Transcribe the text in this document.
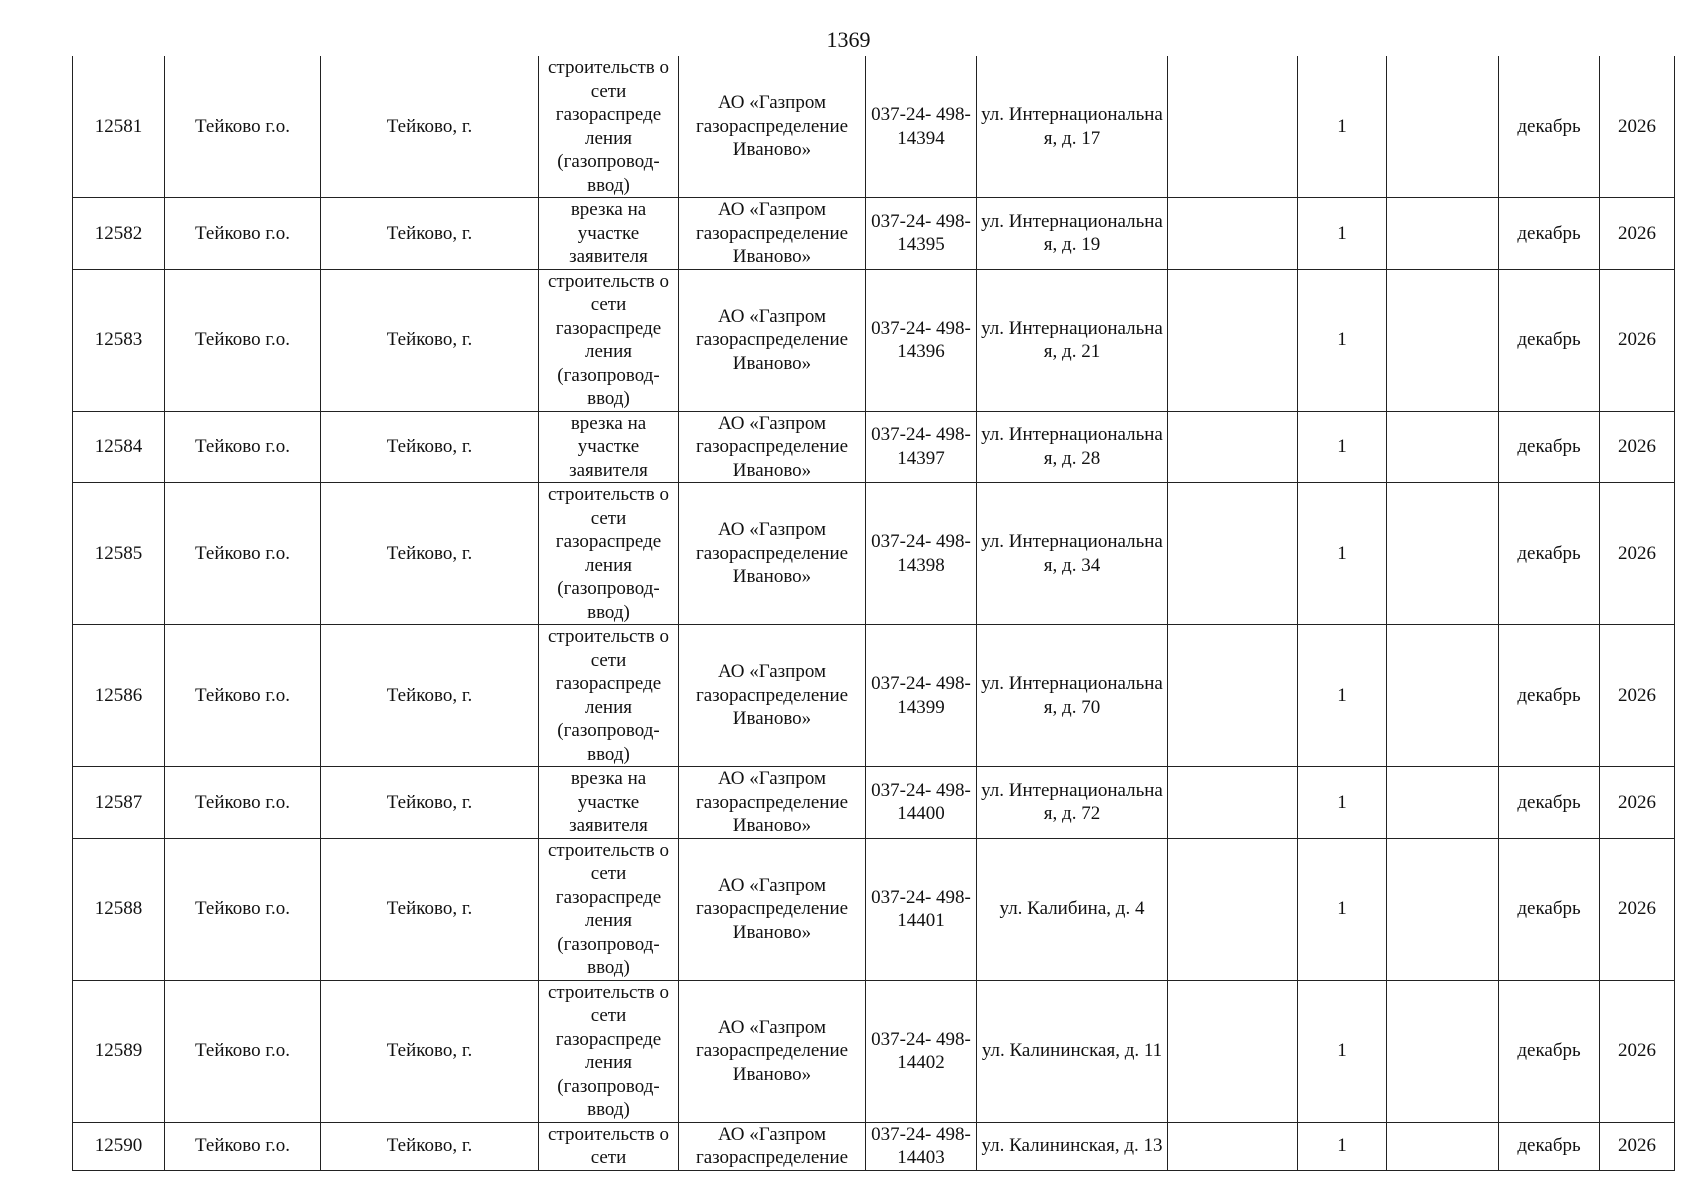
1369
12581	Тейково г.о.	Тейково, г.	строительств о сети газораспреде ления (газопровод- ввод)	АО «Газпром газораспределение Иваново»	037-24- 498-14394	ул. Интернациональна я, д. 17		1		декабрь	2026
12582	Тейково г.о.	Тейково, г.	врезка на участке заявителя	АО «Газпром газораспределение Иваново»	037-24- 498-14395	ул. Интернациональна я, д. 19		1		декабрь	2026
12583	Тейково г.о.	Тейково, г.	строительств о сети газораспреде ления (газопровод- ввод)	АО «Газпром газораспределение Иваново»	037-24- 498-14396	ул. Интернациональна я, д. 21		1		декабрь	2026
12584	Тейково г.о.	Тейково, г.	врезка на участке заявителя	АО «Газпром газораспределение Иваново»	037-24- 498-14397	ул. Интернациональна я, д. 28		1		декабрь	2026
12585	Тейково г.о.	Тейково, г.	строительств о сети газораспреде ления (газопровод- ввод)	АО «Газпром газораспределение Иваново»	037-24- 498-14398	ул. Интернациональна я, д. 34		1		декабрь	2026
12586	Тейково г.о.	Тейково, г.	строительств о сети газораспреде ления (газопровод- ввод)	АО «Газпром газораспределение Иваново»	037-24- 498-14399	ул. Интернациональна я, д. 70		1		декабрь	2026
12587	Тейково г.о.	Тейково, г.	врезка на участке заявителя	АО «Газпром газораспределение Иваново»	037-24- 498-14400	ул. Интернациональна я, д. 72		1		декабрь	2026
12588	Тейково г.о.	Тейково, г.	строительств о сети газораспреде ления (газопровод- ввод)	АО «Газпром газораспределение Иваново»	037-24- 498-14401	ул. Калибина, д. 4		1		декабрь	2026
12589	Тейково г.о.	Тейково, г.	строительств о сети газораспреде ления (газопровод- ввод)	АО «Газпром газораспределение Иваново»	037-24- 498-14402	ул. Калининская, д. 11		1		декабрь	2026
12590	Тейково г.о.	Тейково, г.	строительств о сети	АО «Газпром газораспределение	037-24- 498-14403	ул. Калининская, д. 13		1		декабрь	2026
